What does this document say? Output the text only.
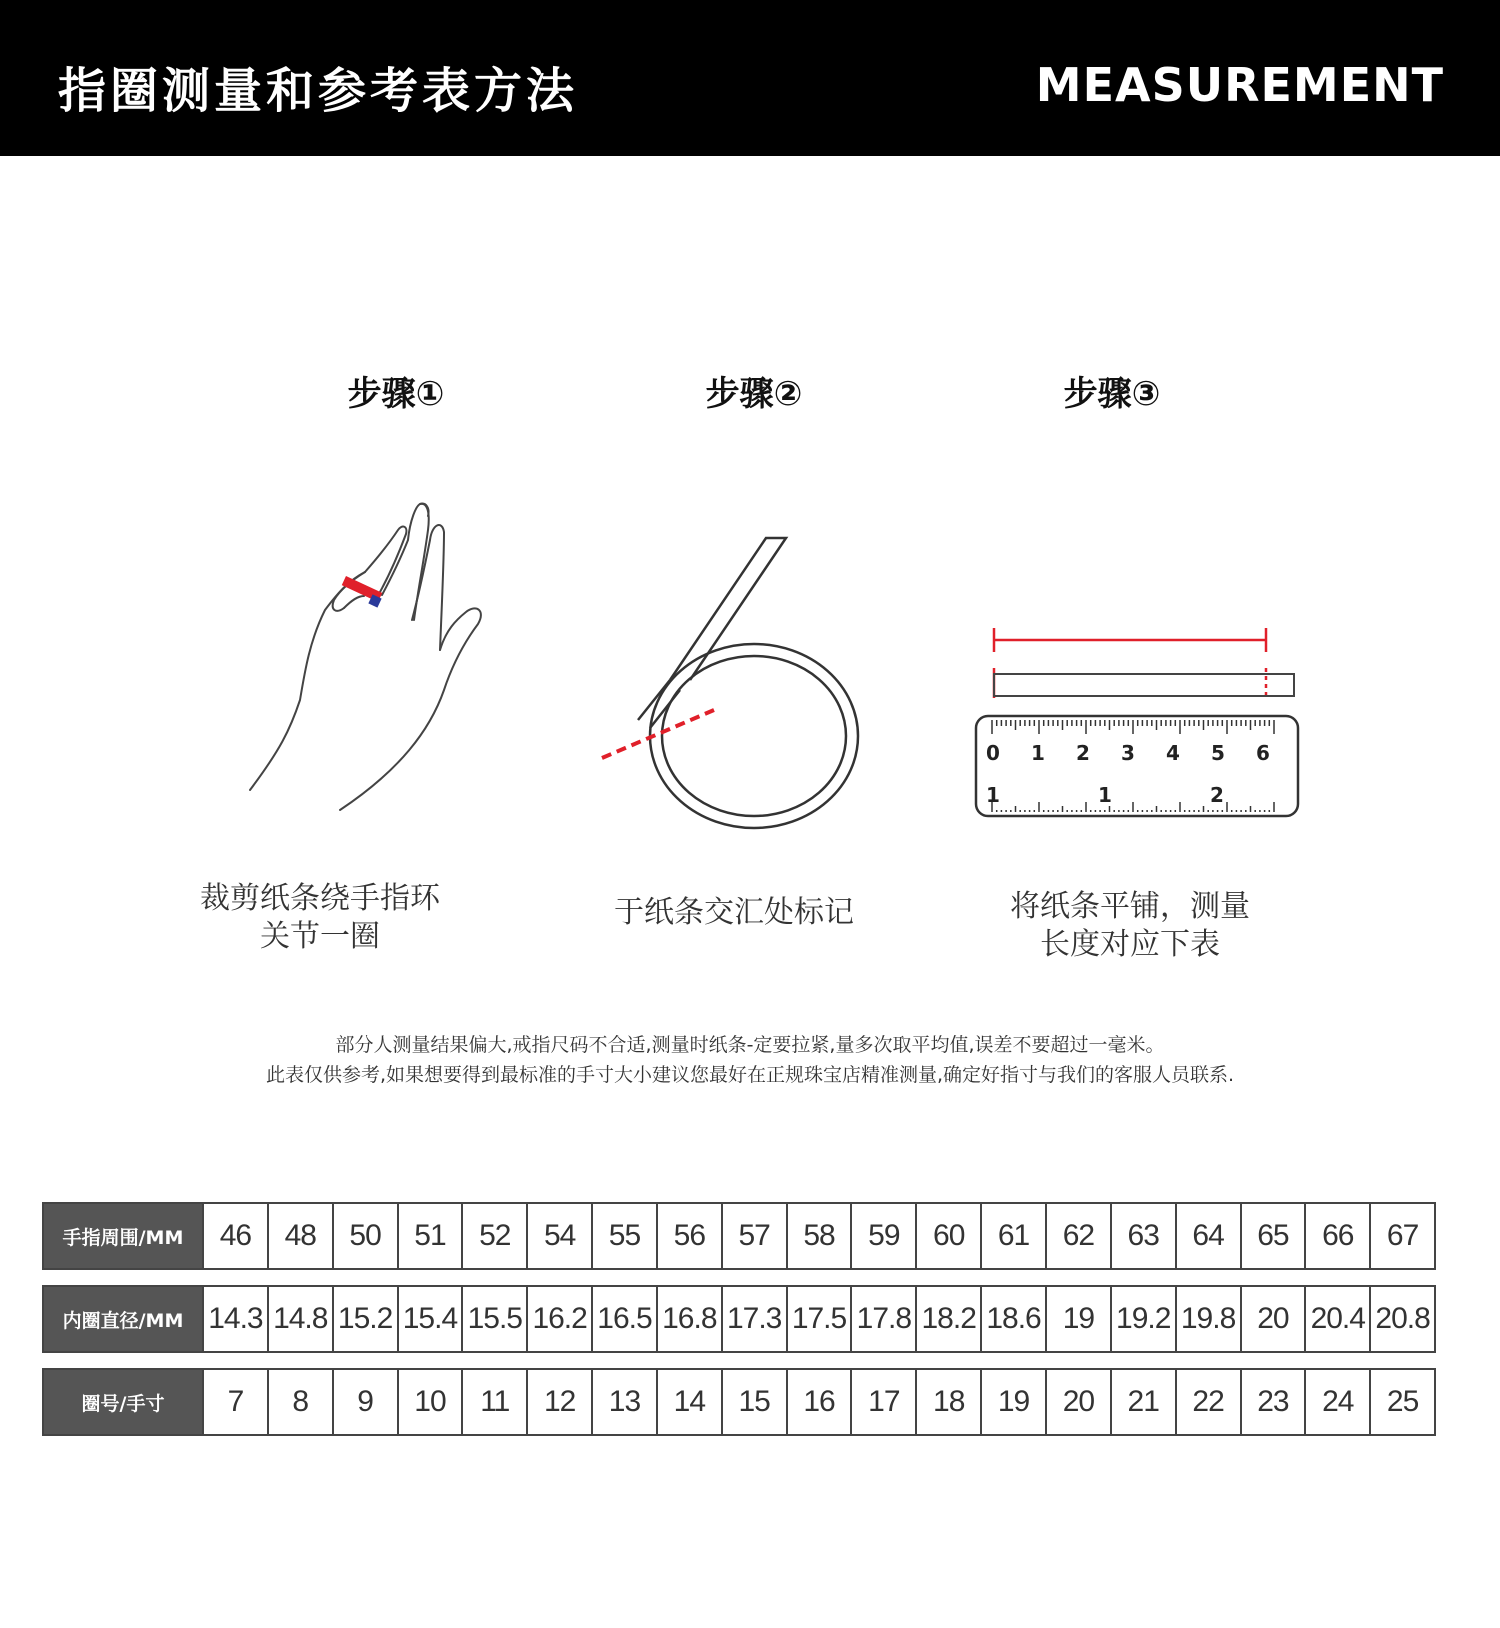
指圈测量和参考表方法	MEASUREMENT
步骤①	步骤②	步骤③
0 1 2 3 4 5 6
1	1	2
裁剪纸条绕手指环
关节一圈
于纸条交汇处标记	将纸条平铺，测量
长度对应下表
部分人测量结果偏大,戒指尺码不合适,测量时纸条-定要拉紧,量多次取平均值,误差不要超过一毫米。
此表仅供参考,如果想要得到最标准的手寸大小建议您最好在正规珠宝店精准测量,确定好指寸与我们的客服人员联系.
手指周围/MM	46	48	50	51	52	54	55	56	57	58	59	60	61	62	63	64	65	66	67
内圈直径/MM 14.3 14.8 15.2 15.4 15.5 16.2 16.5 16.8 17.3 17.5 17.8 18.2 18.6 19 19.2 19.8 20 20.4 20.8
圈号/手寸	7	8	9	10	11	12	13	14	15	16	17	18	19	20	21	22	23	24	25
